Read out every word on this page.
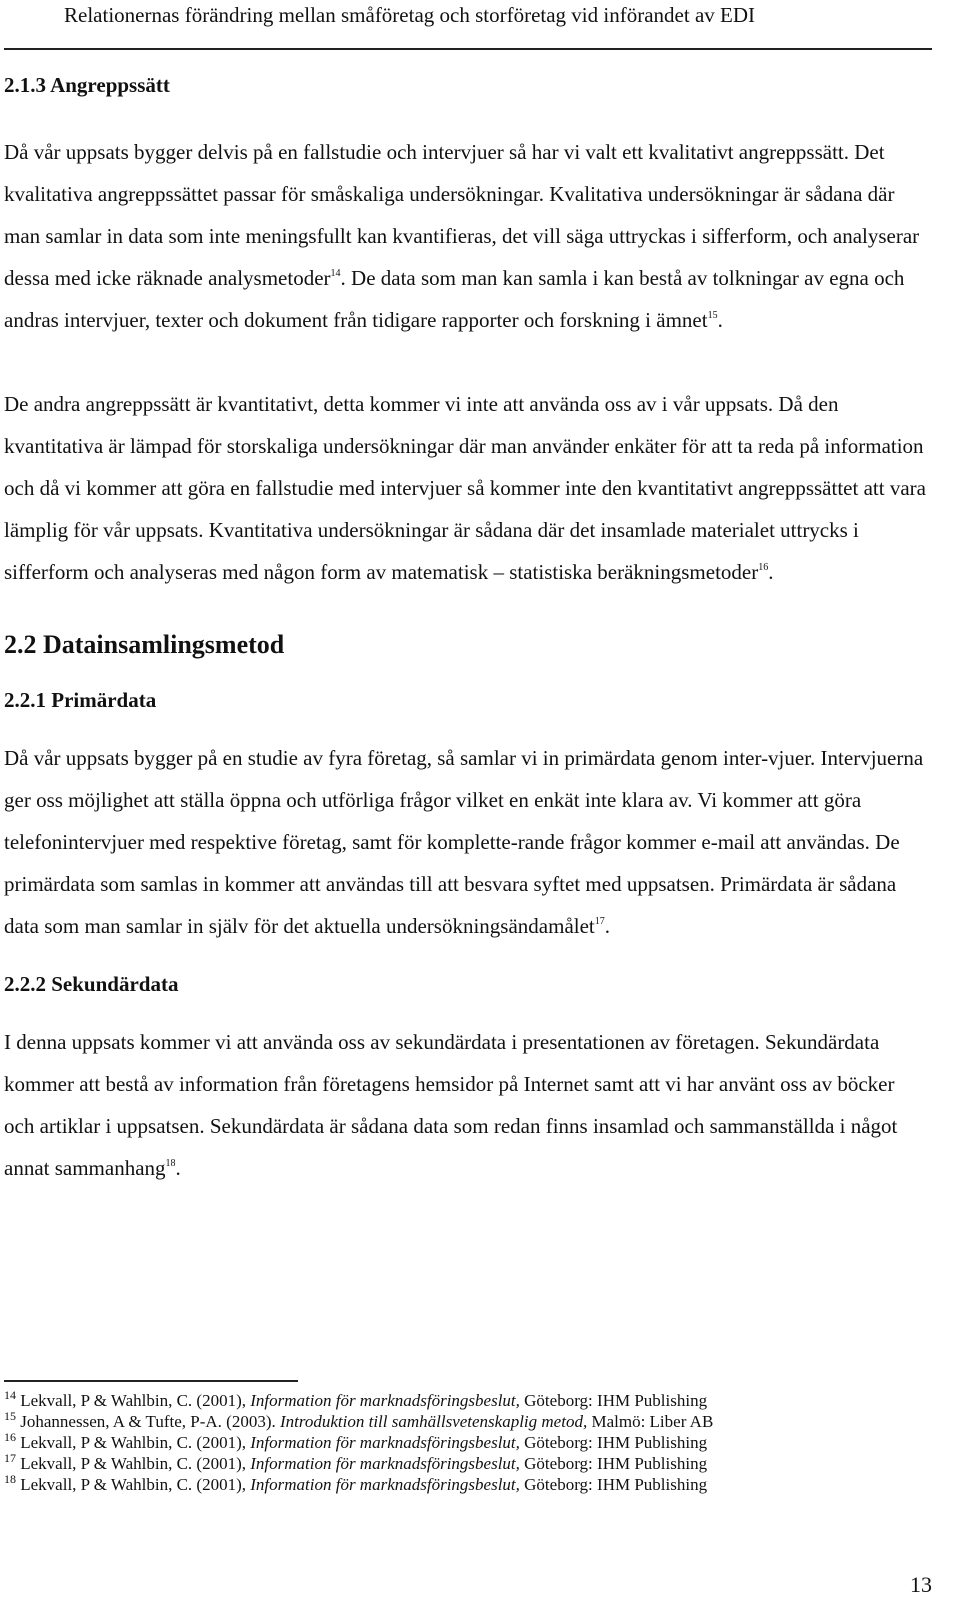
Relationernas förändring mellan småföretag och storföretag vid införandet av EDI
2.1.3 Angreppssätt

Då vår uppsats bygger delvis på en fallstudie och intervjuer så har vi valt ett kvalitativt angreppssätt. Det kvalitativa angreppssättet passar för småskaliga undersökningar. Kvalitativa undersökningar är sådana där man samlar in data som inte meningsfullt kan kvantifieras, det vill säga uttryckas i sifferform, och analyserar dessa med icke räknade analysmetoder$^{14}$. De data som man kan samla i kan bestå av tolkningar av egna och andras intervjuer, texter och dokument från tidigare rapporter och forskning i ämnet$^{15}$.

De andra angreppssätt är kvantitativt, detta kommer vi inte att använda oss av i vår uppsats. Då den kvantitativa är lämpad för storskaliga undersökningar där man använder enkäter för att ta reda på information och då vi kommer att göra en fallstudie med intervjuer så kommer inte den kvantitativt angreppssättet att vara lämplig för vår uppsats. Kvantitativa undersökningar är sådana där det insamlade materialet uttrycks i sifferform och analyseras med någon form av matematisk – statistiska beräkningsmetoder$^{16}$.

2.2 Datainsamlingsmetod
2.2.1 Primärdata

Då vår uppsats bygger på en studie av fyra företag, så samlar vi in primärdata genom inter-vjuer. Intervjuerna ger oss möjlighet att ställa öppna och utförliga frågor vilket en enkät inte klara av. Vi kommer att göra telefonintervjuer med respektive företag, samt för komplette-rande frågor kommer e-mail att användas. De primärdata som samlas in kommer att användas till att besvara syftet med uppsatsen. Primärdata är sådana data som man samlar in själv för det aktuella undersökningsändamålet$^{17}$.

2.2.2 Sekundärdata

I denna uppsats kommer vi att använda oss av sekundärdata i presentationen av företagen. Sekundärdata kommer att bestå av information från företagens hemsidor på Internet samt att vi har använt oss av böcker och artiklar i uppsatsen. Sekundärdata är sådana data som redan finns insamlad och sammanställda i något annat sammanhang$^{18}$.

$^{14}$ Lekvall, P & Wahlbin, C. (2001), Information för marknadsföringsbeslut, Göteborg: IHM Publishing
$^{15}$ Johannessen, A & Tufte, P-A. (2003). Introduktion till samhällsvetenskaplig metod, Malmö: Liber AB
$^{16}$ Lekvall, P & Wahlbin, C. (2001), Information för marknadsföringsbeslut, Göteborg: IHM Publishing
$^{17}$ Lekvall, P & Wahlbin, C. (2001), Information för marknadsföringsbeslut, Göteborg: IHM Publishing
$^{18}$ Lekvall, P & Wahlbin, C. (2001), Information för marknadsföringsbeslut, Göteborg: IHM Publishing
13
